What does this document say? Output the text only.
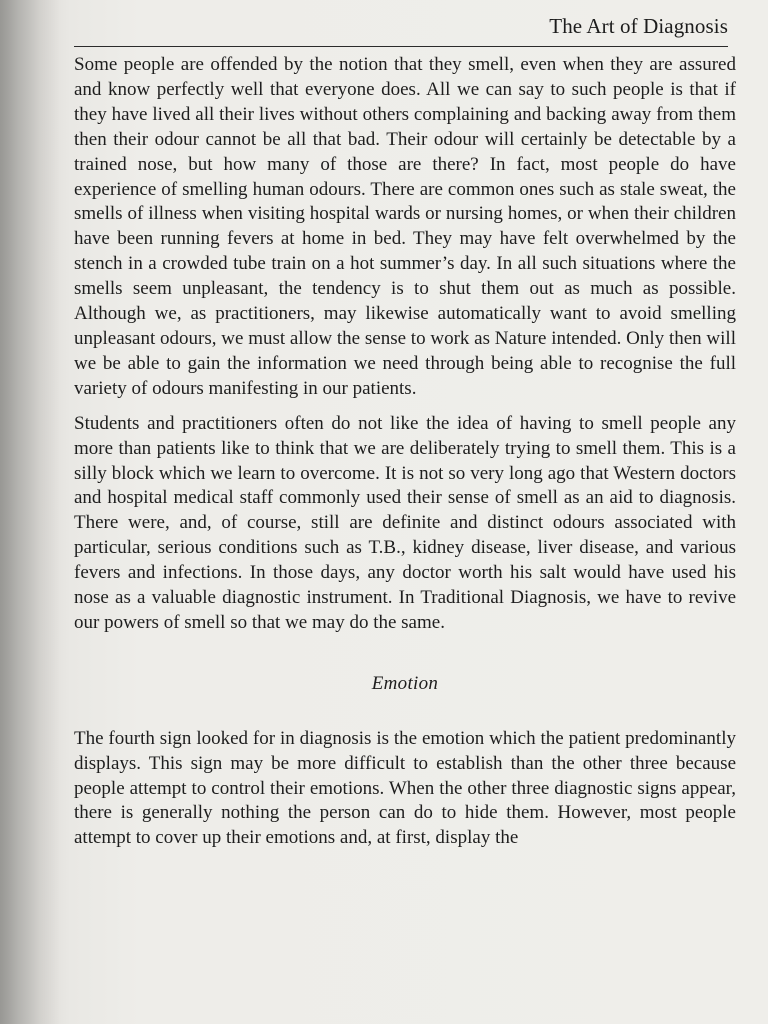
The Art of Diagnosis

Some people are offended by the notion that they smell, even when they are assured and know perfectly well that everyone does. All we can say to such people is that if they have lived all their lives without others complaining and backing away from them then their odour cannot be all that bad. Their odour will certainly be detectable by a trained nose, but how many of those are there? In fact, most people do have experience of smelling human odours. There are common ones such as stale sweat, the smells of illness when visiting hospital wards or nursing homes, or when their children have been running fevers at home in bed. They may have felt overwhelmed by the stench in a crowded tube train on a hot summer’s day. In all such situations where the smells seem unpleasant, the tendency is to shut them out as much as possible. Although we, as practitioners, may likewise automatically want to avoid smelling unpleasant odours, we must allow the sense to work as Nature intended. Only then will we be able to gain the information we need through being able to recognise the full variety of odours manifesting in our patients.

Students and practitioners often do not like the idea of having to smell people any more than patients like to think that we are deliberately trying to smell them. This is a silly block which we learn to overcome. It is not so very long ago that Western doctors and hospital medical staff commonly used their sense of smell as an aid to diagnosis. There were, and, of course, still are definite and distinct odours associated with particular, serious conditions such as T.B., kidney disease, liver disease, and various fevers and infections. In those days, any doctor worth his salt would have used his nose as a valuable diagnostic instrument. In Traditional Diagnosis, we have to revive our powers of smell so that we may do the same.

Emotion

The fourth sign looked for in diagnosis is the emotion which the patient predominantly displays. This sign may be more difficult to establish than the other three because people attempt to control their emotions. When the other three diagnostic signs appear, there is generally nothing the person can do to hide them. However, most people attempt to cover up their emotions and, at first, display the
